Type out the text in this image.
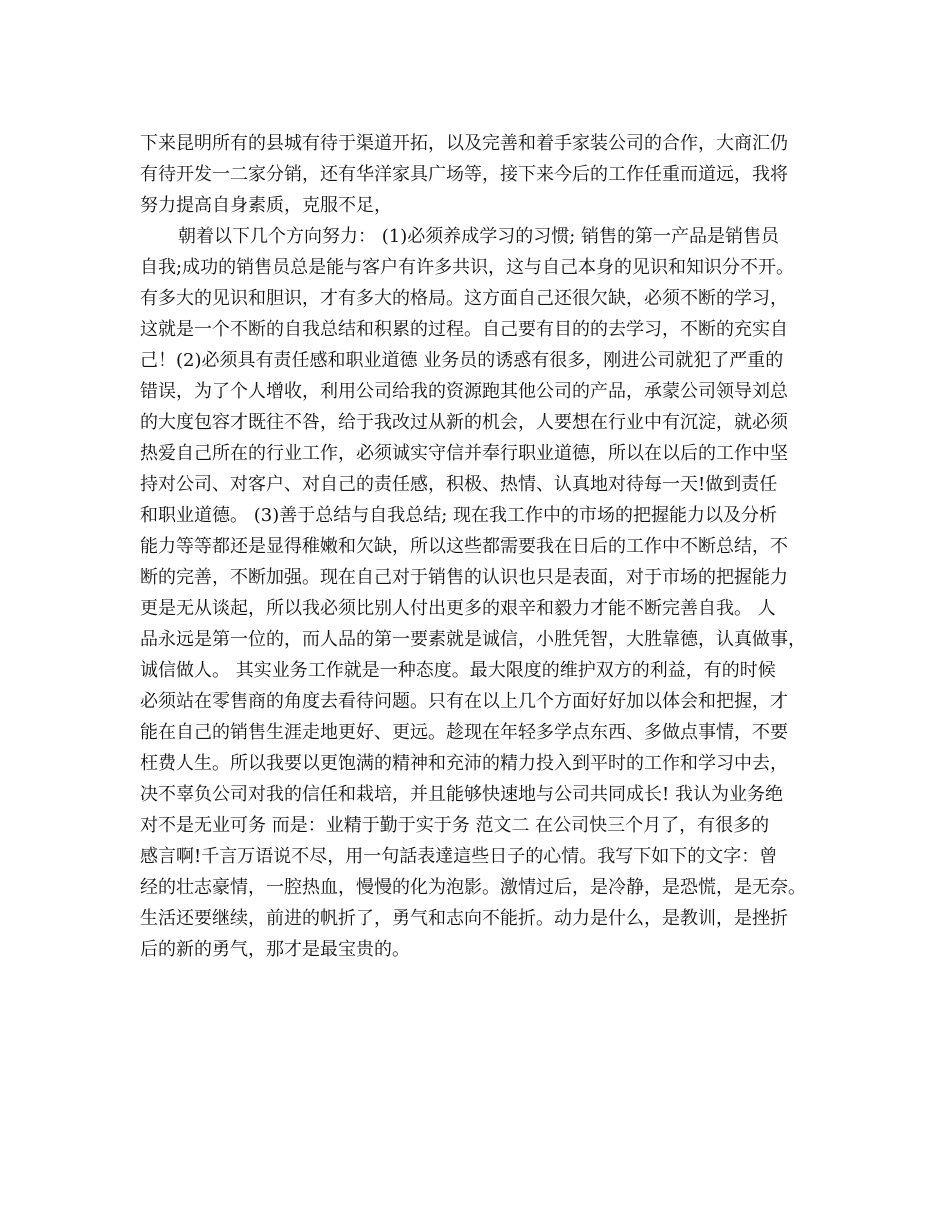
下来昆明所有的县城有待于渠道开拓，以及完善和着手家装公司的合作，大商汇仍

有待开发一二家分销，还有华洋家具广场等，接下来今后的工作任重而道远，我将

努力提高自身素质，克服不足，

朝着以下几个方向努力： (1)必须养成学习的习惯; 销售的第一产品是销售员

自我;成功的销售员总是能与客户有许多共识，这与自己本身的见识和知识分不开。

有多大的见识和胆识，才有多大的格局。这方面自己还很欠缺，必须不断的学习，

这就是一个不断的自我总结和积累的过程。自己要有目的的去学习，不断的充实自

己！(2)必须具有责任感和职业道德 业务员的诱惑有很多，刚进公司就犯了严重的

错误，为了个人增收，利用公司给我的资源跑其他公司的产品，承蒙公司领导刘总

的大度包容才既往不咎，给于我改过从新的机会，人要想在行业中有沉淀，就必须

热爱自己所在的行业工作，必须诚实守信并奉行职业道德，所以在以后的工作中坚

持对公司、对客户、对自己的责任感，积极、热情、认真地对待每一天!做到责任

和职业道德。 (3)善于总结与自我总结; 现在我工作中的市场的把握能力以及分析

能力等等都还是显得稚嫩和欠缺，所以这些都需要我在日后的工作中不断总结，不

断的完善，不断加强。现在自己对于销售的认识也只是表面，对于市场的把握能力

更是无从谈起，所以我必须比别人付出更多的艰辛和毅力才能不断完善自我。 人

品永远是第一位的，而人品的第一要素就是诚信，小胜凭智，大胜靠德，认真做事，

诚信做人。 其实业务工作就是一种态度。最大限度的维护双方的利益，有的时候

必须站在零售商的角度去看待问题。只有在以上几个方面好好加以体会和把握，才

能在自己的销售生涯走地更好、更远。趁现在年轻多学点东西、多做点事情，不要

枉费人生。所以我要以更饱满的精神和充沛的精力投入到平时的工作和学习中去，

决不辜负公司对我的信任和栽培，并且能够快速地与公司共同成长! 我认为业务绝

对不是无业可务 而是：业精于勤于实于务 范文二 在公司快三个月了，有很多的

感言啊!千言万语说不尽，用一句話表達這些日子的心情。我写下如下的文字：曾

经的壮志豪情，一腔热血，慢慢的化为泡影。激情过后，是冷静，是恐慌，是无奈。

生活还要继续，前进的帆折了，勇气和志向不能折。动力是什么，是教训，是挫折

后的新的勇气，那才是最宝贵的。
